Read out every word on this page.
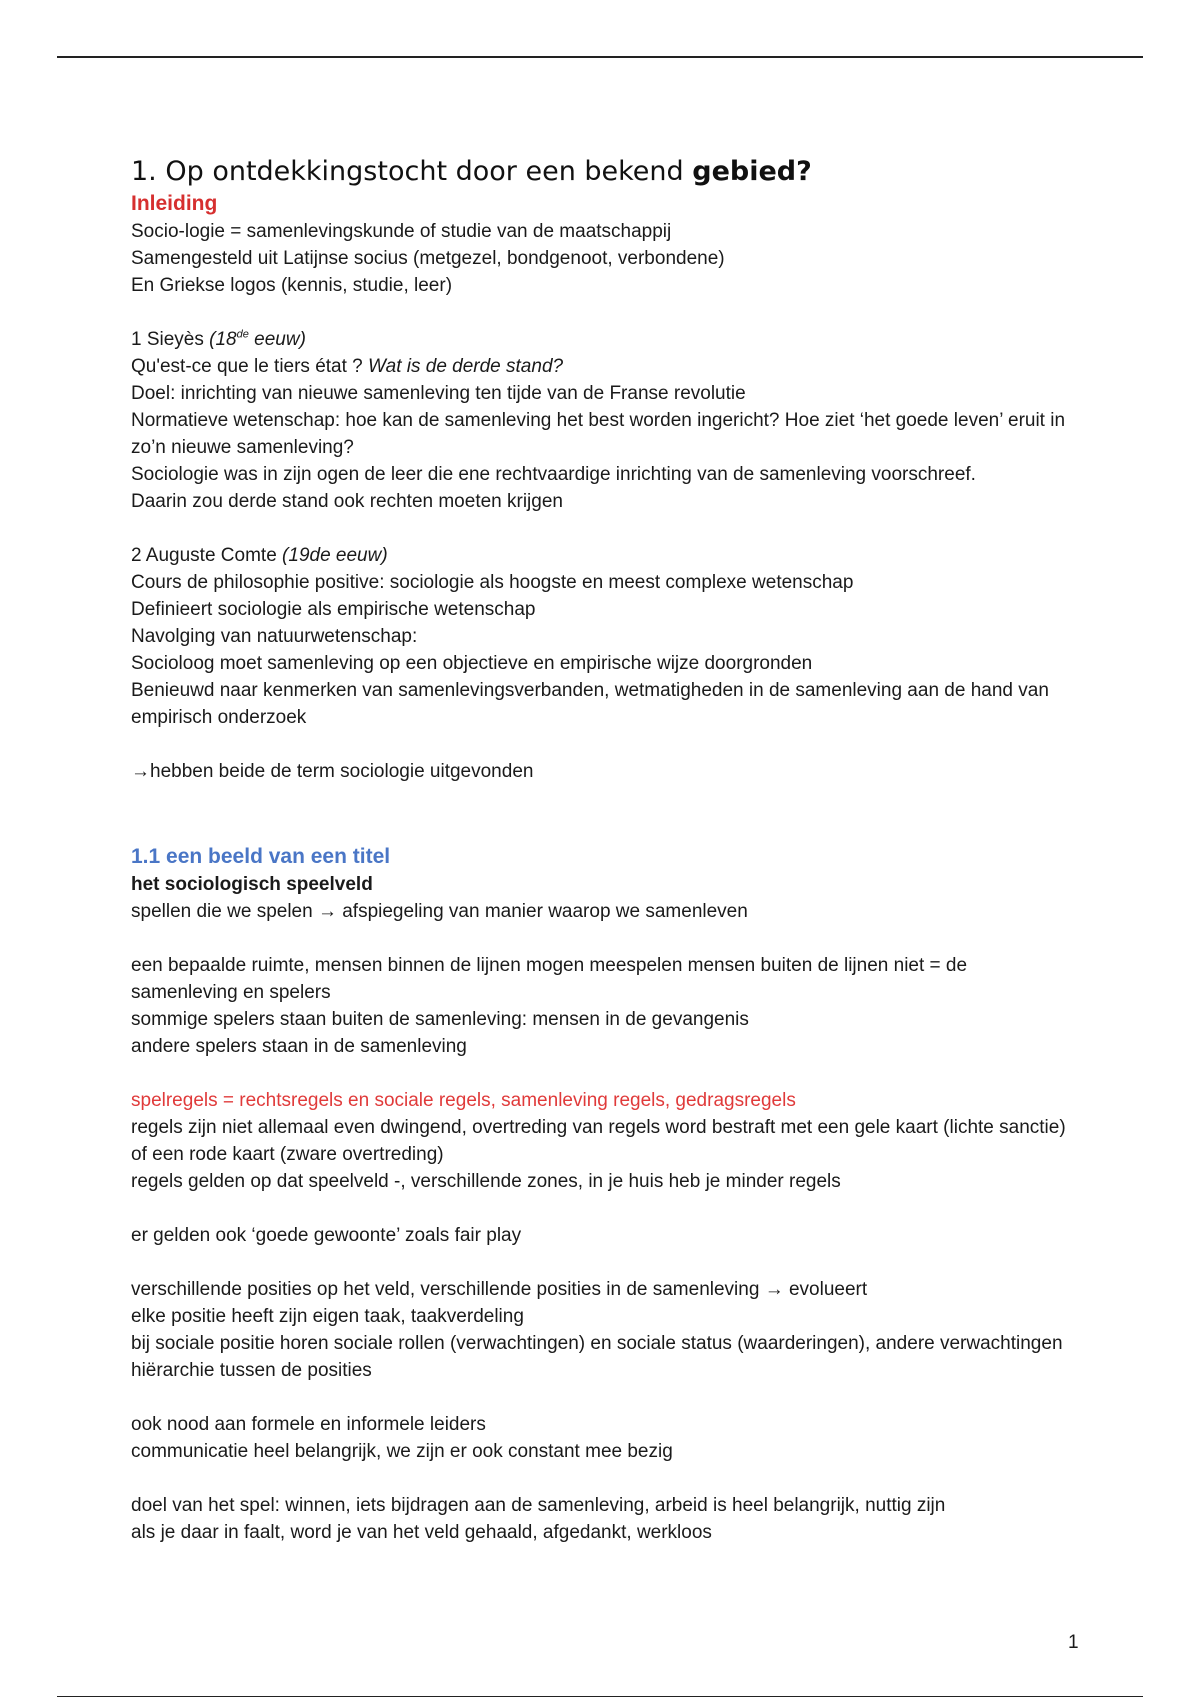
1. Op ontdekkingstocht door een bekend gebied?
Inleiding
Socio-logie = samenlevingskunde of studie van de maatschappij
Samengesteld uit Latijnse socius (metgezel, bondgenoot, verbondene)
En Griekse logos (kennis, studie, leer)
1 Sieyès (18de eeuw)
Qu'est-ce que le tiers état ? Wat is de derde stand?
Doel: inrichting van nieuwe samenleving ten tijde van de Franse revolutie
Normatieve wetenschap: hoe kan de samenleving het best worden ingericht? Hoe ziet ‘het goede leven’ eruit in zo’n nieuwe samenleving?
Sociologie was in zijn ogen de leer die ene rechtvaardige inrichting van de samenleving voorschreef.
Daarin zou derde stand ook rechten moeten krijgen
2 Auguste Comte (19de eeuw)
Cours de philosophie positive: sociologie als hoogste en meest complexe wetenschap
Definieert sociologie als empirische wetenschap
Navolging van natuurwetenschap:
Socioloog moet samenleving op een objectieve en empirische wijze doorgronden
Benieuwd naar kenmerken van samenlevingsverbanden, wetmatigheden in de samenleving aan de hand van empirisch onderzoek
→hebben beide de term sociologie uitgevonden
1.1 een beeld van een titel
het sociologisch speelveld
spellen die we spelen → afspiegeling van manier waarop we samenleven
een bepaalde ruimte, mensen binnen de lijnen mogen meespelen mensen buiten de lijnen niet = de samenleving en spelers
sommige spelers staan buiten de samenleving: mensen in de gevangenis
andere spelers staan in de samenleving
spelregels = rechtsregels en sociale regels, samenleving regels, gedragsregels
regels zijn niet allemaal even dwingend, overtreding van regels word bestraft met een gele kaart (lichte sanctie) of een rode kaart (zware overtreding)
regels gelden op dat speelveld -, verschillende zones, in je huis heb je minder regels
er gelden ook ‘goede gewoonte’ zoals fair play
verschillende posities op het veld, verschillende posities in de samenleving → evolueert
elke positie heeft zijn eigen taak, taakverdeling
bij sociale positie horen sociale rollen (verwachtingen) en sociale status (waarderingen), andere verwachtingen
hiërarchie tussen de posities
ook nood aan formele en informele leiders
communicatie heel belangrijk, we zijn er ook constant mee bezig
doel van het spel: winnen, iets bijdragen aan de samenleving, arbeid is heel belangrijk, nuttig zijn
als je daar in faalt, word je van het veld gehaald, afgedankt, werkloos
1
